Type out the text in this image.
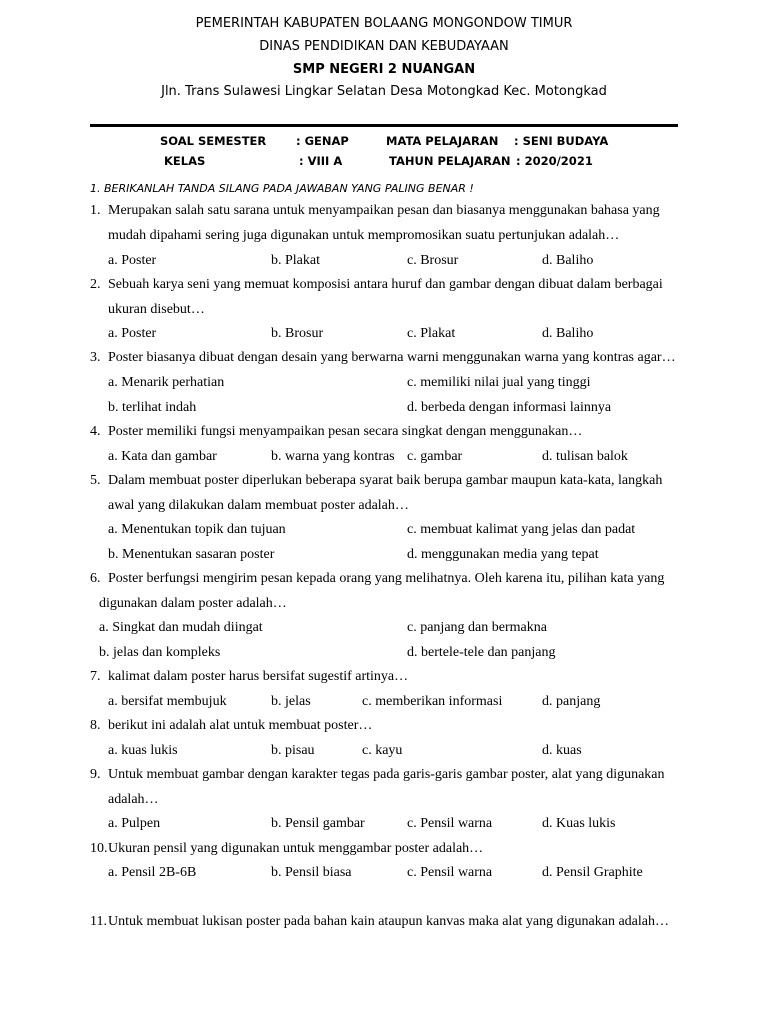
PEMERINTAH KABUPATEN BOLAANG MONGONDOW TIMUR
DINAS PENDIDIKAN DAN KEBUDAYAAN
SMP NEGERI 2 NUANGAN
Jln. Trans Sulawesi Lingkar Selatan Desa Motongkad Kec. Motongkad
SOAL SEMESTER	: GENAP	MATA PELAJARAN : SENI BUDAYA
KELAS	: VIII A	TAHUN PELAJARAN : 2020/2021
1. BERIKANLAH TANDA SILANG PADA JAWABAN YANG PALING BENAR !
1. Merupakan salah satu sarana untuk menyampaikan pesan dan biasanya menggunakan bahasa yang
mudah dipahami sering juga digunakan untuk mempromosikan suatu pertunjukan adalah…
a. Poster	b. Plakat	c. Brosur	d. Baliho
2. Sebuah karya seni yang memuat komposisi antara huruf dan gambar dengan dibuat dalam berbagai
ukuran disebut…
a. Poster	b. Brosur	c. Plakat	d. Baliho
3. Poster biasanya dibuat dengan desain yang berwarna warni menggunakan warna yang kontras agar…
a. Menarik perhatian	c. memiliki nilai jual yang tinggi
b. terlihat indah	d. berbeda dengan informasi lainnya
4. Poster memiliki fungsi menyampaikan pesan secara singkat dengan menggunakan…
a. Kata dan gambar	b. warna yang kontras c. gambar	d. tulisan balok
5. Dalam membuat poster diperlukan beberapa syarat baik berupa gambar maupun kata-kata, langkah
awal yang dilakukan dalam membuat poster adalah…
a. Menentukan topik dan tujuan	c. membuat kalimat yang jelas dan padat
b. Menentukan sasaran poster	d. menggunakan media yang tepat
6. Poster berfungsi mengirim pesan kepada orang yang melihatnya. Oleh karena itu, pilihan kata yang
digunakan dalam poster adalah…
a. Singkat dan mudah diingat	c. panjang dan bermakna
b. jelas dan kompleks	d. bertele-tele dan panjang
7. kalimat dalam poster harus bersifat sugestif artinya…
a. bersifat membujuk	b. jelas	c. memberikan informasi	d. panjang
8. berikut ini adalah alat untuk membuat poster…
a. kuas lukis	b. pisau	c. kayu	d. kuas
9. Untuk membuat gambar dengan karakter tegas pada garis-garis gambar poster, alat yang digunakan
adalah…
a. Pulpen	b. Pensil gambar	c. Pensil warna	d. Kuas lukis
10. Ukuran pensil yang digunakan untuk menggambar poster adalah…
a. Pensil 2B-6B	b. Pensil biasa	c. Pensil warna	d. Pensil Graphite
11. Untuk membuat lukisan poster pada bahan kain ataupun kanvas maka alat yang digunakan adalah…
